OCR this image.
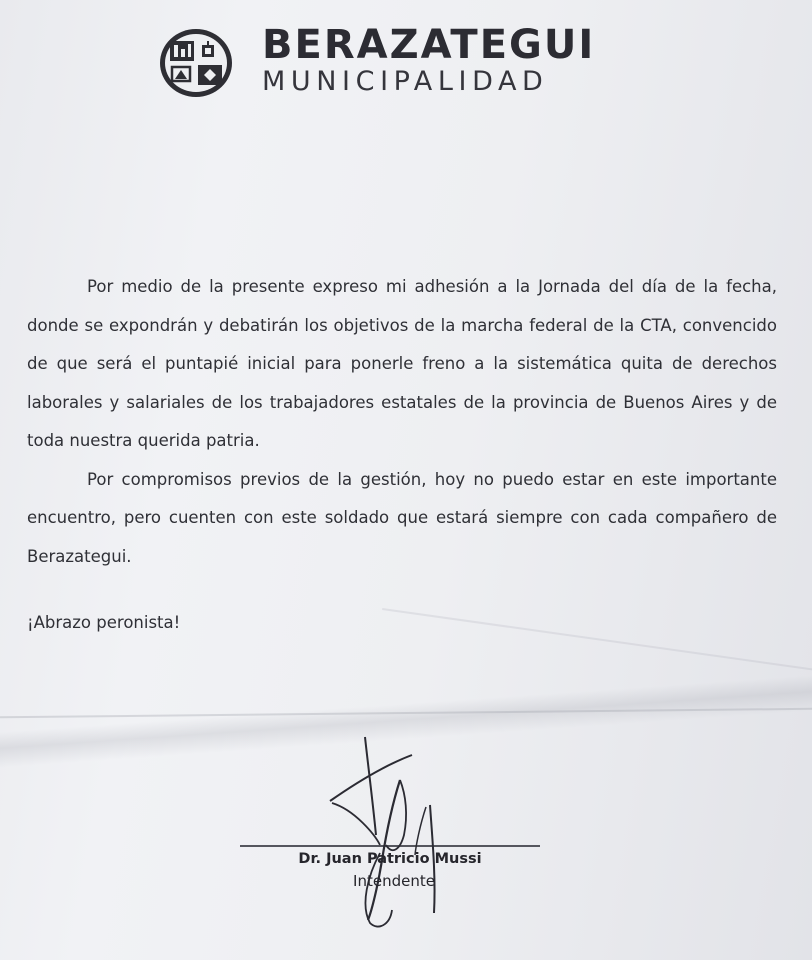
BERAZATEGUI
MUNICIPALIDAD

Por medio de la presente expreso mi adhesión a la Jornada del día de la fecha, donde se expondrán y debatirán los objetivos de la marcha federal de la CTA, convencido de que será el puntapié inicial para ponerle freno a la sistemática quita de derechos laborales y salariales de los trabajadores estatales de la provincia de Buenos Aires y de toda nuestra querida patria.

Por compromisos previos de la gestión, hoy no puedo estar en este importante encuentro, pero cuenten con este soldado que estará siempre con cada compañero de Berazategui.

¡Abrazo peronista!
Dr. Juan Patricio Mussi
Intendente
